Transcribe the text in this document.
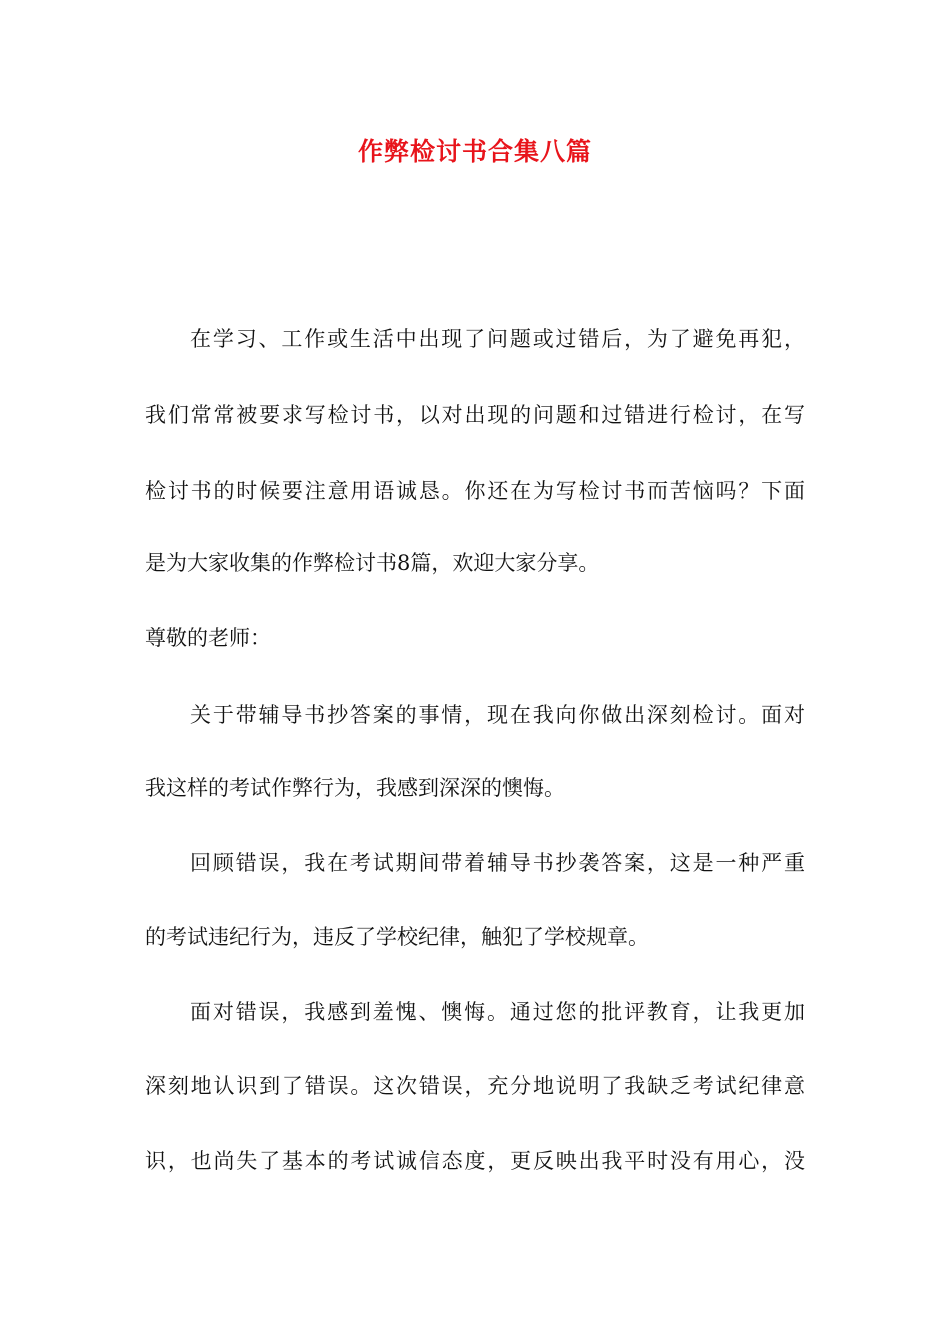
作弊检讨书合集八篇
在学习、工作或生活中出现了问题或过错后，为了避免再犯，
我们常常被要求写检讨书，以对出现的问题和过错进行检讨，在写
检讨书的时候要注意用语诚恳。你还在为写检讨书而苦恼吗？下面
是为大家收集的作弊检讨书8篇，欢迎大家分享。
尊敬的老师：
关于带辅导书抄答案的事情，现在我向你做出深刻检讨。面对
我这样的考试作弊行为，我感到深深的懊悔。
回顾错误，我在考试期间带着辅导书抄袭答案，这是一种严重
的考试违纪行为，违反了学校纪律，触犯了学校规章。
面对错误，我感到羞愧、懊悔。通过您的批评教育，让我更加
深刻地认识到了错误。这次错误，充分地说明了我缺乏考试纪律意
识，也尚失了基本的考试诚信态度，更反映出我平时没有用心，没
